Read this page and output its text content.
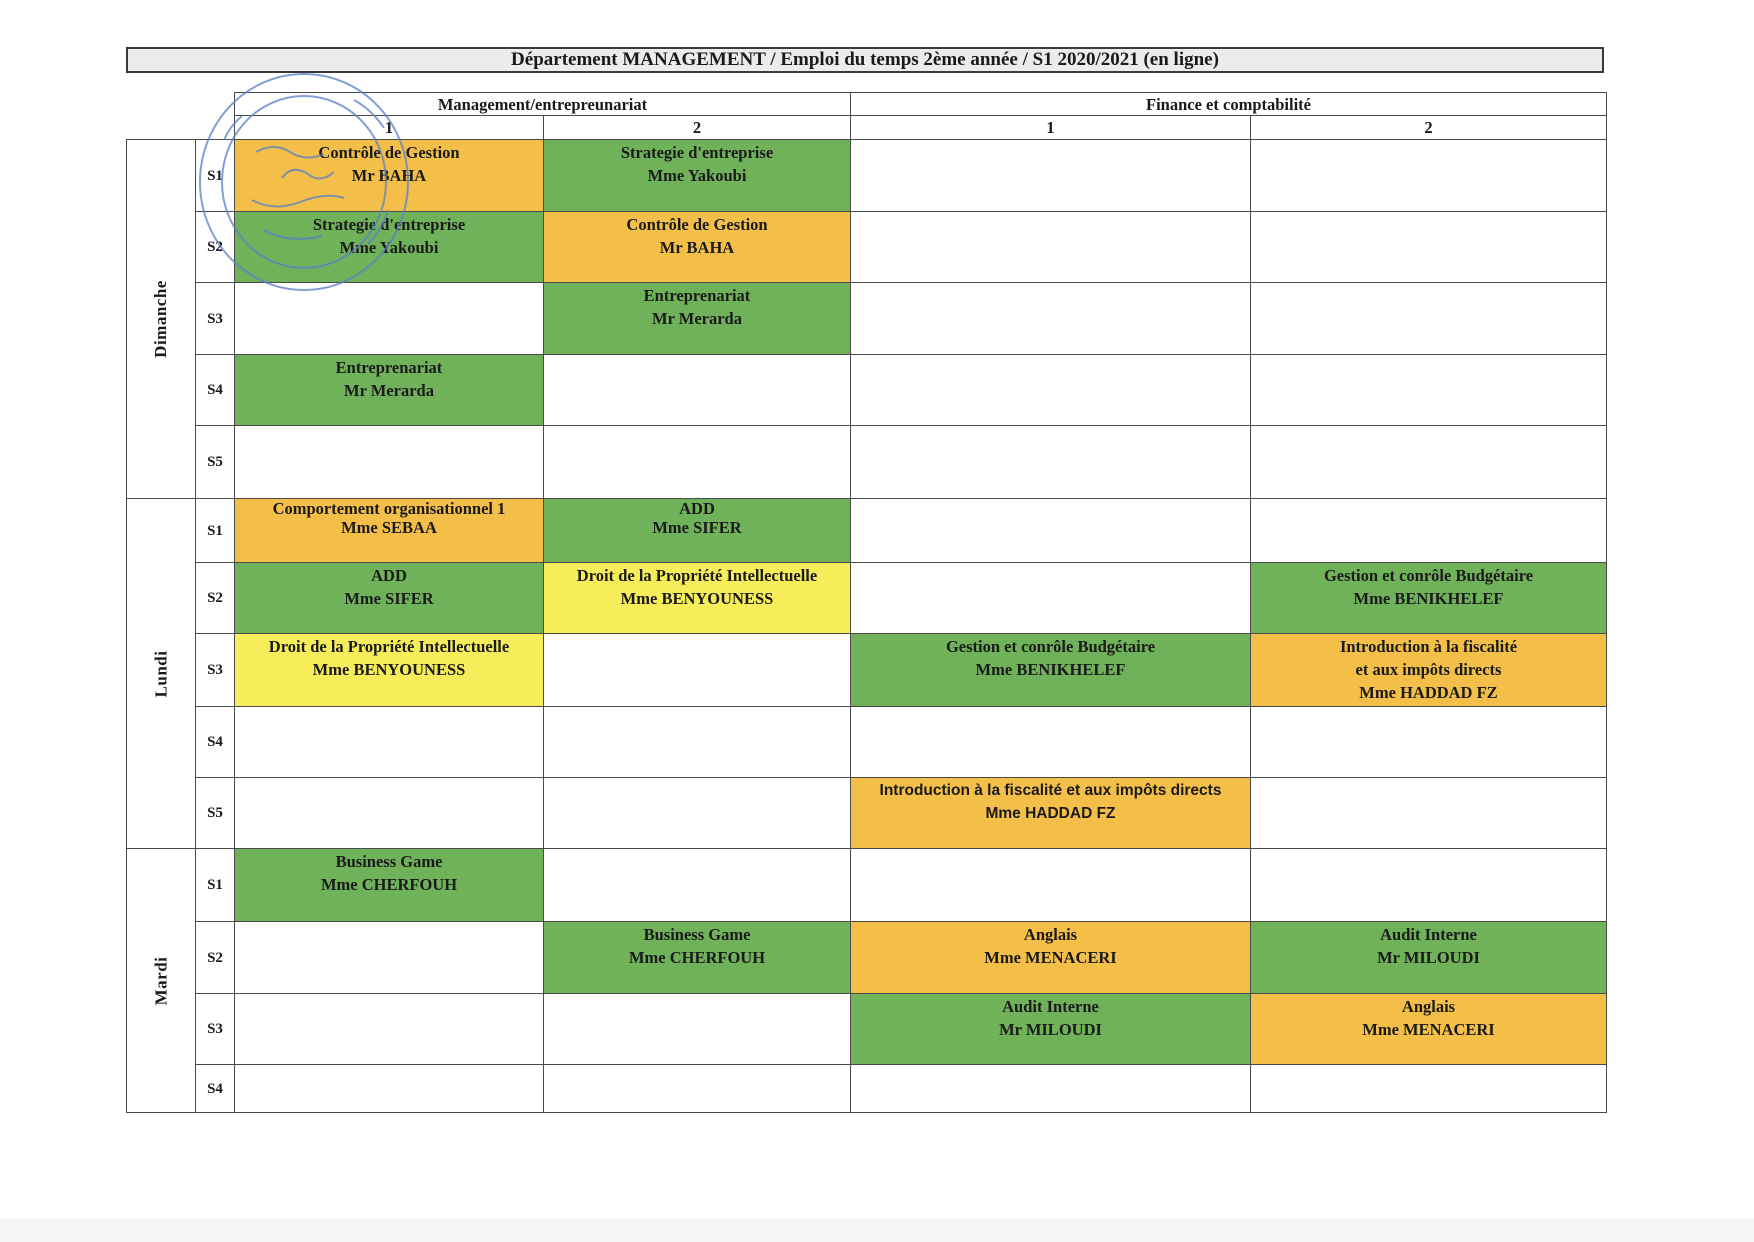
Département MANAGEMENT / Emploi du temps 2ème année / S1 2020/2021 (en ligne)
Management/entrepreunariat
1	2
Finance et comptabilité
1	2
Dimanche
S1
Contrôle de Gestion
Mr BAHA
Strategie d'entreprise
Mme Yakoubi
S2
Strategie d'entreprise
Mme Yakoubi
Contrôle de Gestion
Mr BAHA
S3
Entreprenariat
Mr Merarda
S4
Entreprenariat
Mr Merarda
S5
Lundi
S1
Comportement organisationnel 1
Mme SEBAA
ADD
Mme SIFER
S2
ADD
Mme SIFER
Droit de la Propriété Intellectuelle
Mme BENYOUNESS
Gestion et conrôle Budgétaire
Mme BENIKHELEF
S3
Droit de la Propriété Intellectuelle
Mme BENYOUNESS
Gestion et conrôle Budgétaire
Mme BENIKHELEF
Introduction à la fiscalité
et aux impôts directs
Mme HADDAD FZ
S4
S5
Introduction à la fiscalité et aux impôts directs
Mme HADDAD FZ
Mardi
S1
Business Game
Mme CHERFOUH
S2
Business Game
Mme CHERFOUH
Anglais
Mme MENACERI
Audit Interne
Mr MILOUDI
S3
Audit Interne
Mr MILOUDI
Anglais
Mme MENACERI
S4
